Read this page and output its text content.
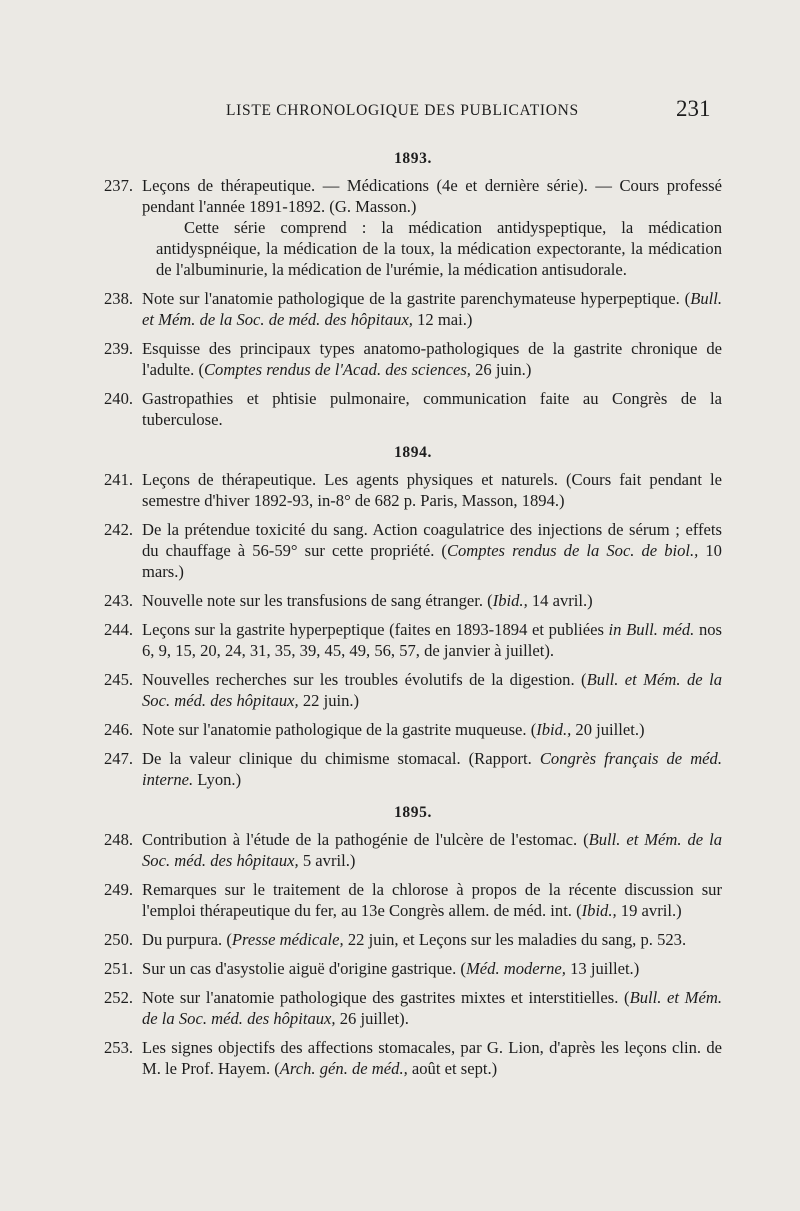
LISTE CHRONOLOGIQUE DES PUBLICATIONS	231
1893.
237. Leçons de thérapeutique. — Médications (4e et dernière série). — Cours professé pendant l'année 1891-1892. (G. Masson.)
Cette série comprend : la médication antidyspeptique, la médication antidyspnéique, la médication de la toux, la médication expectorante, la médication de l'albuminurie, la médication de l'urémie, la médication antisudorale.
238. Note sur l'anatomie pathologique de la gastrite parenchymateuse hyperpeptique. (Bull. et Mém. de la Soc. de méd. des hôpitaux, 12 mai.)
239. Esquisse des principaux types anatomo-pathologiques de la gastrite chronique de l'adulte. (Comptes rendus de l'Acad. des sciences, 26 juin.)
240. Gastropathies et phtisie pulmonaire, communication faite au Congrès de la tuberculose.
1894.
241. Leçons de thérapeutique. Les agents physiques et naturels. (Cours fait pendant le semestre d'hiver 1892-93, in-8° de 682 p. Paris, Masson, 1894.)
242. De la prétendue toxicité du sang. Action coagulatrice des injections de sérum ; effets du chauffage à 56-59° sur cette propriété. (Comptes rendus de la Soc. de biol., 10 mars.)
243. Nouvelle note sur les transfusions de sang étranger. (Ibid., 14 avril.)
244. Leçons sur la gastrite hyperpeptique (faites en 1893-1894 et publiées in Bull. méd. nos 6, 9, 15, 20, 24, 31, 35, 39, 45, 49, 56, 57, de janvier à juillet).
245. Nouvelles recherches sur les troubles évolutifs de la digestion. (Bull. et Mém. de la Soc. méd. des hôpitaux, 22 juin.)
246. Note sur l'anatomie pathologique de la gastrite muqueuse. (Ibid., 20 juillet.)
247. De la valeur clinique du chimisme stomacal. (Rapport. Congrès français de méd. interne. Lyon.)
1895.
248. Contribution à l'étude de la pathogénie de l'ulcère de l'estomac. (Bull. et Mém. de la Soc. méd. des hôpitaux, 5 avril.)
249. Remarques sur le traitement de la chlorose à propos de la récente discussion sur l'emploi thérapeutique du fer, au 13e Congrès allem. de méd. int. (Ibid., 19 avril.)
250. Du purpura. (Presse médicale, 22 juin, et Leçons sur les maladies du sang, p. 523.
251. Sur un cas d'asystolie aiguë d'origine gastrique. (Méd. moderne, 13 juillet.)
252. Note sur l'anatomie pathologique des gastrites mixtes et interstitielles. (Bull. et Mém. de la Soc. méd. des hôpitaux, 26 juillet).
253. Les signes objectifs des affections stomacales, par G. Lion, d'après les leçons clin. de M. le Prof. Hayem. (Arch. gén. de méd., août et sept.)
